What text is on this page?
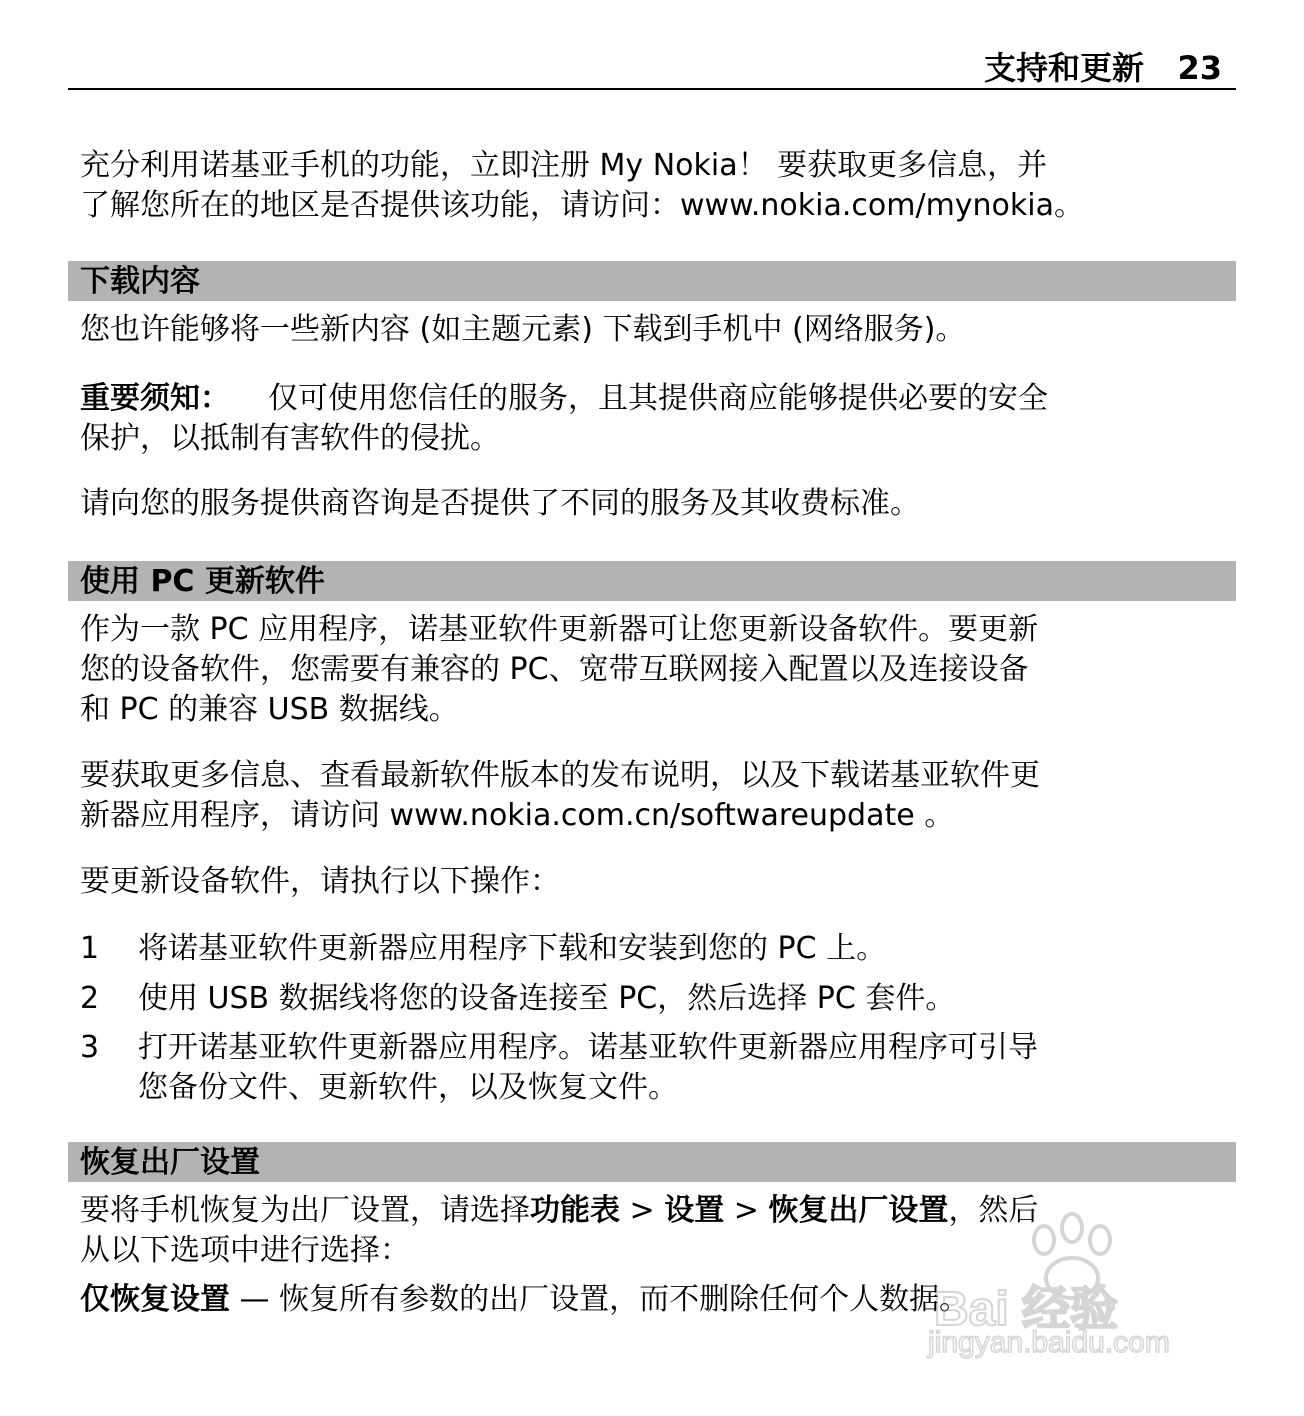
支持和更新 23

充分利用诺基亚手机的功能，立即注册 My Nokia！ 要获取更多信息，并

了解您所在的地区是否提供该功能，请访问：www.nokia.com/mynokia。

下载内容

您也许能够将一些新内容 (如主题元素) 下载到手机中 (网络服务)。

重要须知： 仅可使用您信任的服务，且其提供商应能够提供必要的安全

保护，以抵制有害软件的侵扰。

请向您的服务提供商咨询是否提供了不同的服务及其收费标准。

使用 PC 更新软件

作为一款 PC 应用程序，诺基亚软件更新器可让您更新设备软件。要更新

您的设备软件，您需要有兼容的 PC、宽带互联网接入配置以及连接设备

和 PC 的兼容 USB 数据线。

要获取更多信息、查看最新软件版本的发布说明，以及下载诺基亚软件更

新器应用程序，请访问 www.nokia.com.cn/softwareupdate 。

要更新设备软件，请执行以下操作：

1	将诺基亚软件更新器应用程序下载和安装到您的 PC 上。
2	使用 USB 数据线将您的设备连接至 PC，然后选择 PC 套件。
3	打开诺基亚软件更新器应用程序。诺基亚软件更新器应用程序可引导
您备份文件、更新软件，以及恢复文件。
恢复出厂设置

要将手机恢复为出厂设置，请选择功能表 > 设置 > 恢复出厂设置，然后

从以下选项中进行选择：

仅恢复设置 — 恢复所有参数的出厂设置，而不删除任何个人数据。

Bai 经验
jingyan.baidu.com
